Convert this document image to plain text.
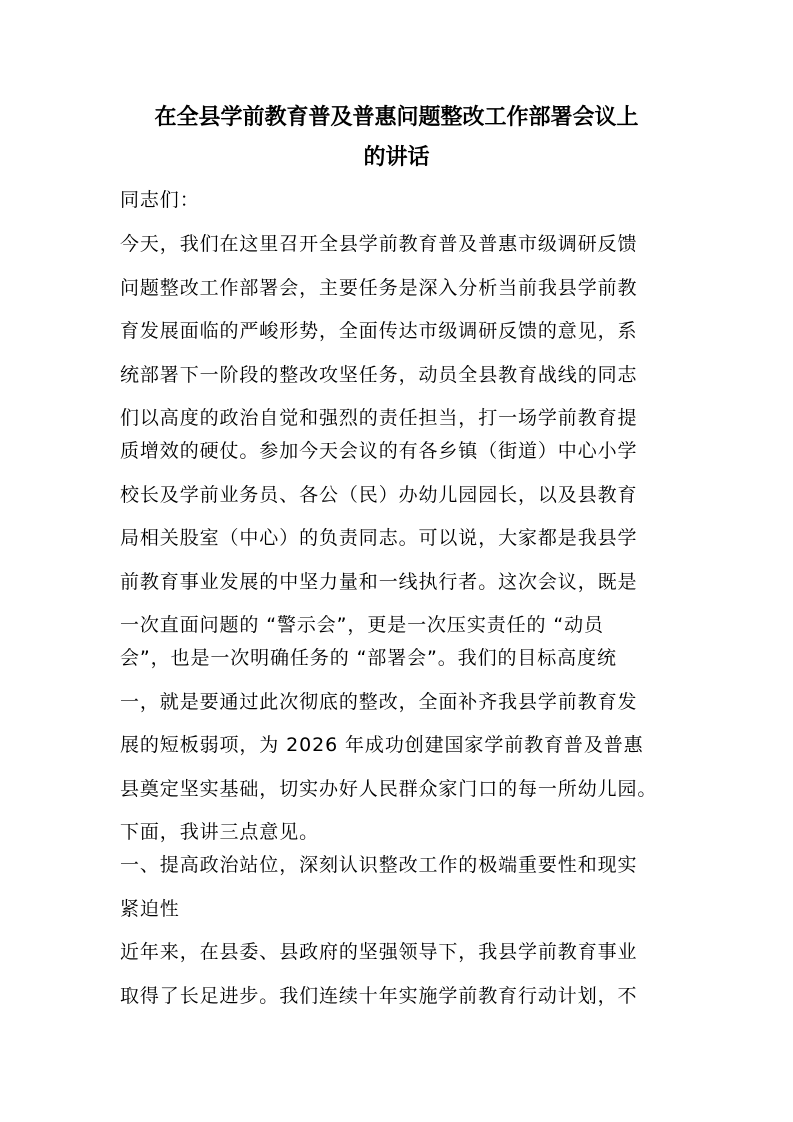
在全县学前教育普及普惠问题整改工作部署会议上
的讲话

同志们：

今天，我们在这里召开全县学前教育普及普惠市级调研反馈

问题整改工作部署会，主要任务是深入分析当前我县学前教

育发展面临的严峻形势，全面传达市级调研反馈的意见，系

统部署下一阶段的整改攻坚任务，动员全县教育战线的同志

们以高度的政治自觉和强烈的责任担当，打一场学前教育提

质增效的硬仗。参加今天会议的有各乡镇（街道）中心小学

校长及学前业务员、各公（民）办幼儿园园长，以及县教育

局相关股室（中心）的负责同志。可以说，大家都是我县学

前教育事业发展的中坚力量和一线执行者。这次会议，既是

一次直面问题的 “警示会”，更是一次压实责任的 “动员

会”，也是一次明确任务的 “部署会”。我们的目标高度统

一，就是要通过此次彻底的整改，全面补齐我县学前教育发

展的短板弱项，为 2026 年成功创建国家学前教育普及普惠

县奠定坚实基础，切实办好人民群众家门口的每一所幼儿园。

下面，我讲三点意见。

一、提高政治站位，深刻认识整改工作的极端重要性和现实

紧迫性

近年来，在县委、县政府的坚强领导下，我县学前教育事业

取得了长足进步。我们连续十年实施学前教育行动计划，不
